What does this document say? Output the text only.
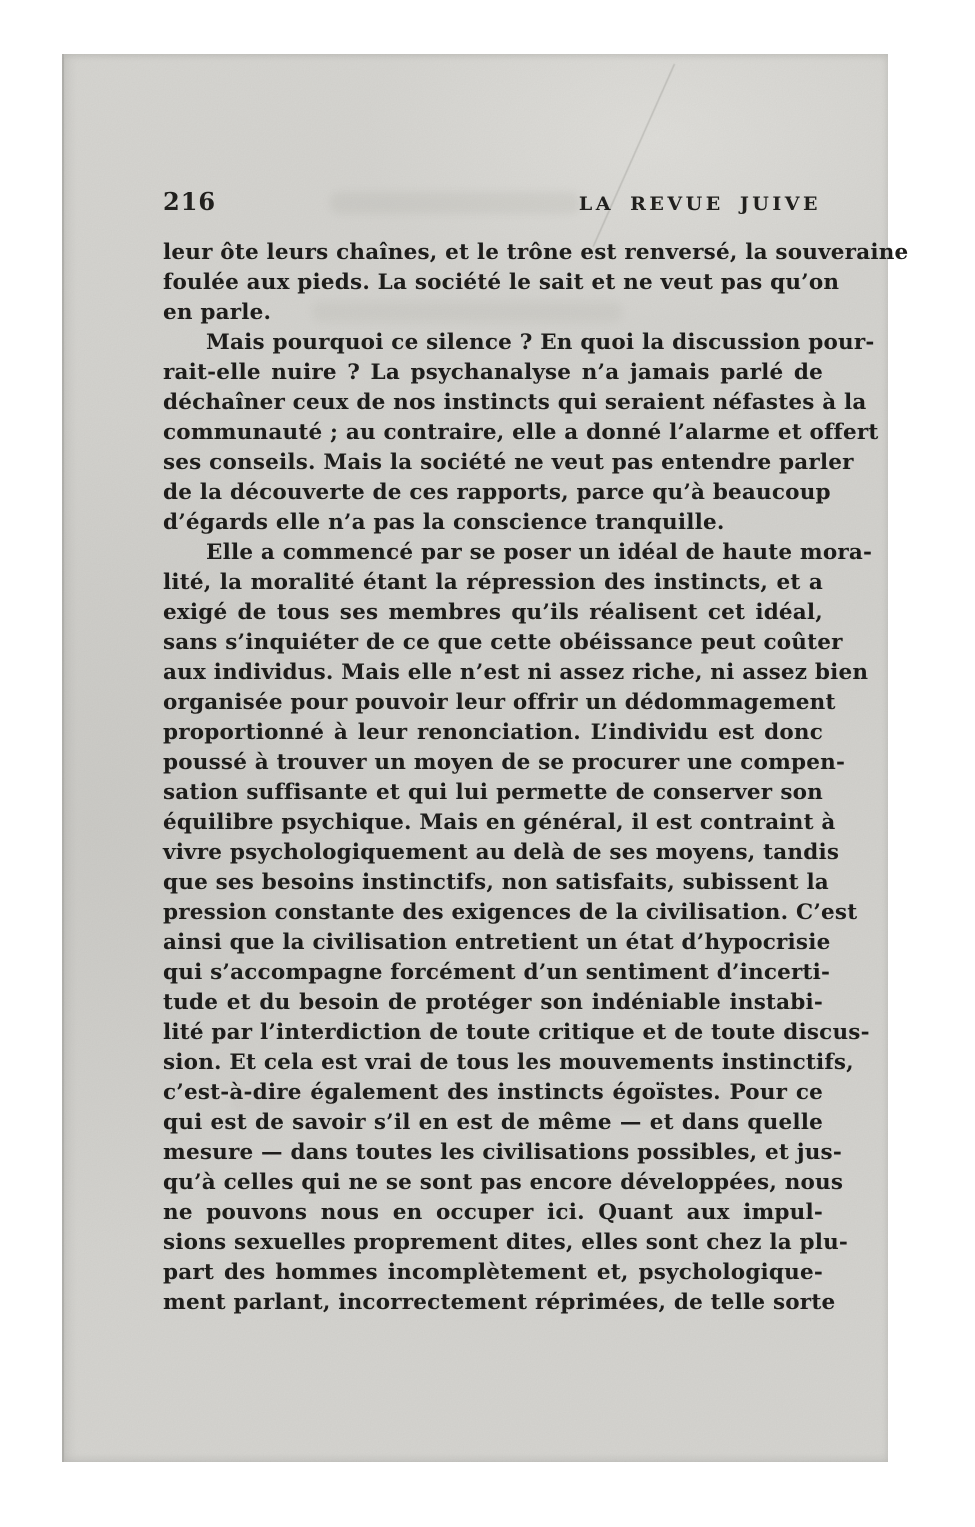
216	LA REVUE JUIVE
leur ôte leurs chaînes, et le trône est renversé, la souveraine
foulée aux pieds. La société le sait et ne veut pas qu’on
en parle.
Mais pourquoi ce silence ? En quoi la discussion pour-
rait-elle nuire ? La psychanalyse n’a jamais parlé de
déchaîner ceux de nos instincts qui seraient néfastes à la
communauté ; au contraire, elle a donné l’alarme et offert
ses conseils. Mais la société ne veut pas entendre parler
de la découverte de ces rapports, parce qu’à beaucoup
d’égards elle n’a pas la conscience tranquille.
Elle a commencé par se poser un idéal de haute mora-
lité, la moralité étant la répression des instincts, et a
exigé de tous ses membres qu’ils réalisent cet idéal,
sans s’inquiéter de ce que cette obéissance peut coûter
aux individus. Mais elle n’est ni assez riche, ni assez bien
organisée pour pouvoir leur offrir un dédommagement
proportionné à leur renonciation. L’individu est donc
poussé à trouver un moyen de se procurer une compen-
sation suffisante et qui lui permette de conserver son
équilibre psychique. Mais en général, il est contraint à
vivre psychologiquement au delà de ses moyens, tandis
que ses besoins instinctifs, non satisfaits, subissent la
pression constante des exigences de la civilisation. C’est
ainsi que la civilisation entretient un état d’hypocrisie
qui s’accompagne forcément d’un sentiment d’incerti-
tude et du besoin de protéger son indéniable instabi-
lité par l’interdiction de toute critique et de toute discus-
sion. Et cela est vrai de tous les mouvements instinctifs,
c’est-à-dire également des instincts égoïstes. Pour ce
qui est de savoir s’il en est de même — et dans quelle
mesure — dans toutes les civilisations possibles, et jus-
qu’à celles qui ne se sont pas encore développées, nous
ne pouvons nous en occuper ici. Quant aux impul-
sions sexuelles proprement dites, elles sont chez la plu-
part des hommes incomplètement et, psychologique-
ment parlant, incorrectement réprimées, de telle sorte
